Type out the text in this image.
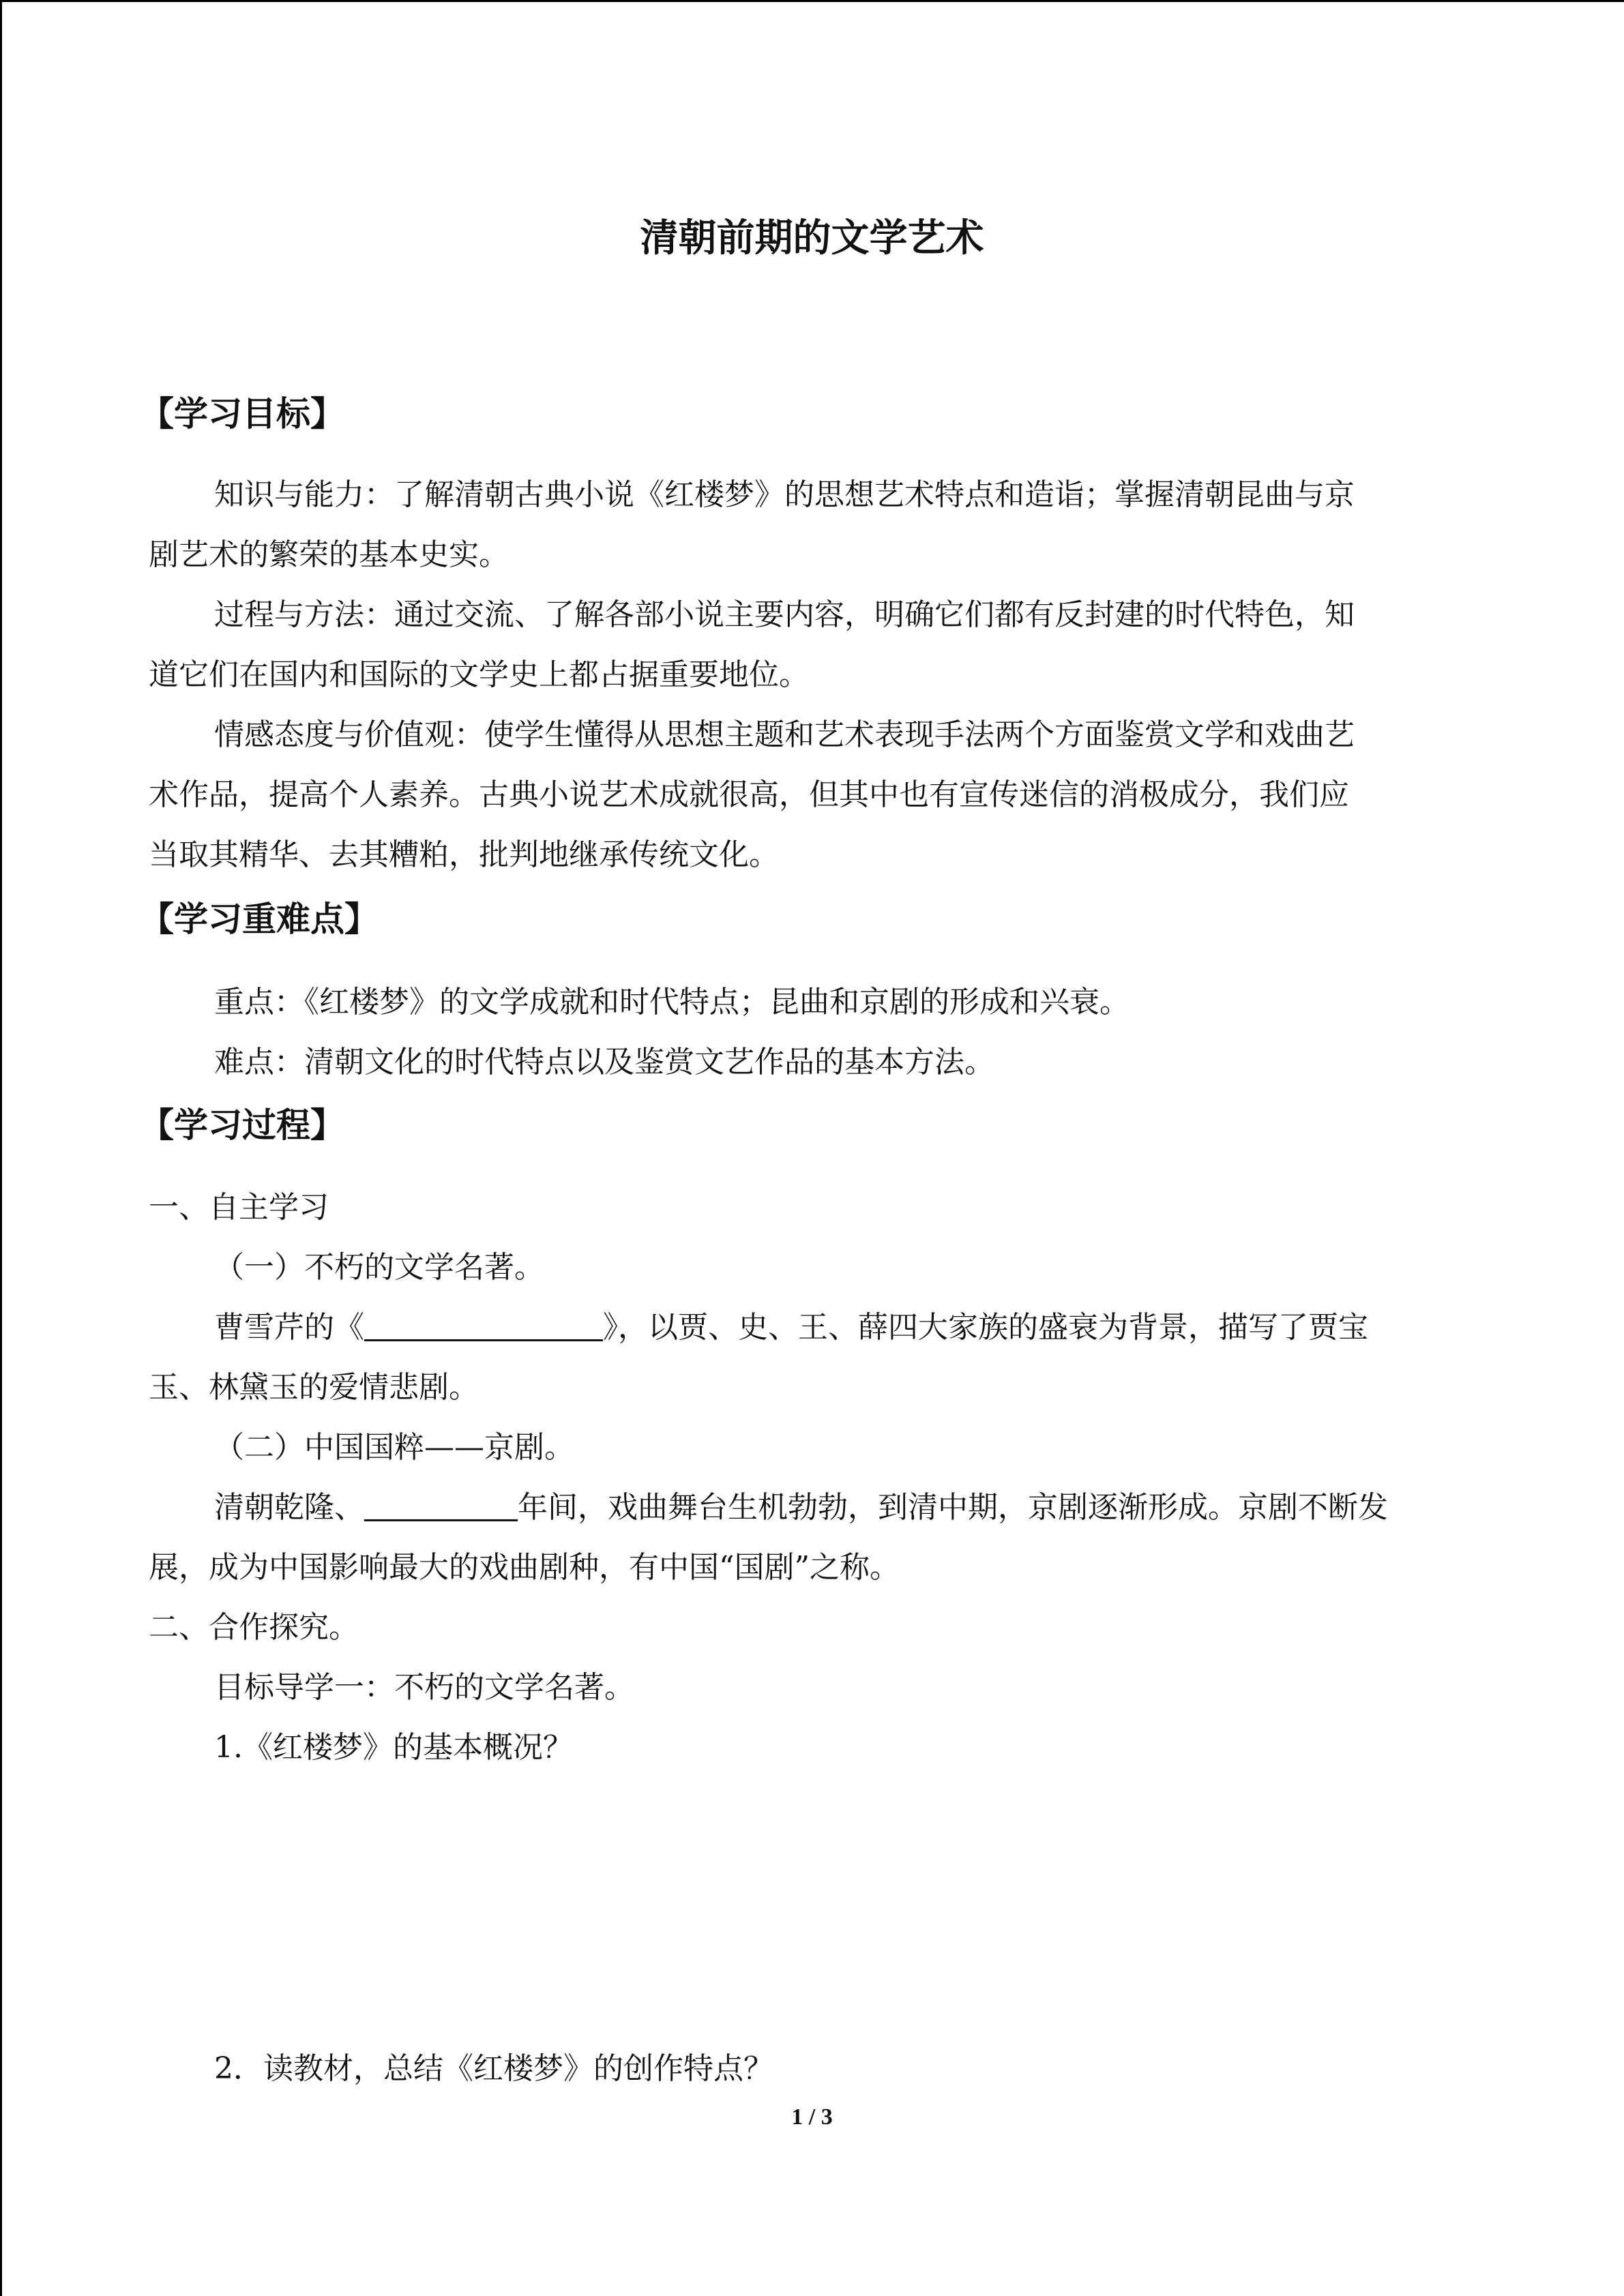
清朝前期的文学艺术
【学习目标】
知识与能力：了解清朝古典小说《红楼梦》的思想艺术特点和造诣；掌握清朝昆曲与京
剧艺术的繁荣的基本史实。
过程与方法：通过交流、了解各部小说主要内容，明确它们都有反封建的时代特色，知
道它们在国内和国际的文学史上都占据重要地位。
情感态度与价值观：使学生懂得从思想主题和艺术表现手法两个方面鉴赏文学和戏曲艺
术作品，提高个人素养。古典小说艺术成就很高，但其中也有宣传迷信的消极成分，我们应
当取其精华、去其糟粕，批判地继承传统文化。
【学习重难点】
重点：《红楼梦》的文学成就和时代特点；昆曲和京剧的形成和兴衰。
难点：清朝文化的时代特点以及鉴赏文艺作品的基本方法。
【学习过程】
一、自主学习
（一）不朽的文学名著。
曹雪芹的《	》，以贾、史、王、薛四大家族的盛衰为背景，描写了贾宝
玉、林黛玉的爱情悲剧。
（二）中国国粹——京剧。
清朝乾隆、	年间，戏曲舞台生机勃勃，到清中期，京剧逐渐形成。京剧不断发
展，成为中国影响最大的戏曲剧种，有中国“国剧”之称。
二、合作探究。
目标导学一：不朽的文学名著。
1.《红楼梦》的基本概况？
2．读教材，总结《红楼梦》的创作特点？
1 / 3
